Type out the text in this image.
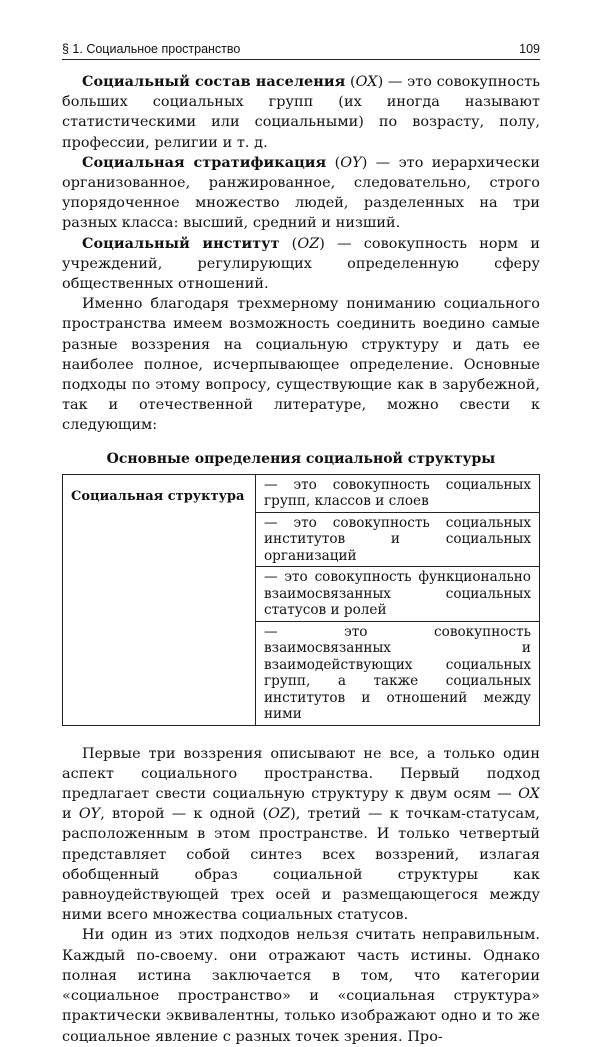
§ 1. Социальное пространство	109

Социальный состав населения (OX) — это совокупность больших социальных групп (их иногда называют статистическими или социальными) по возрасту, полу, профессии, религии и т. д.

Социальная стратификация (OY) — это иерархически организованное, ранжированное, следовательно, строго упорядоченное множество людей, разделенных на три разных класса: высший, средний и низший.

Социальный институт (OZ) — совокупность норм и учреждений, регулирующих определенную сферу общественных отношений.

Именно благодаря трехмерному пониманию социального пространства имеем возможность соединить воедино самые разные воззрения на социальную структуру и дать ее наиболее полное, исчерпывающее определение. Основные подходы по этому вопросу, существующие как в зарубежной, так и отечественной литературе, можно свести к следующим:

Основные определения социальной структуры
Социальная структура	— это совокупность социальных групп, классов и слоев
— это совокупность социальных институтов и социальных организаций
— это совокупность функционально взаимосвязанных социальных статусов и ролей
— это совокупность взаимосвязанных и взаимодействующих социальных групп, а также социальных институтов и отношений между ними

Первые три воззрения описывают не все, а только один аспект социального пространства. Первый подход предлагает свести социальную структуру к двум осям — OX и OY, второй — к одной (OZ), третий — к точкам-статусам, расположенным в этом пространстве. И только четвертый представляет собой синтез всех воззрений, излагая обобщенный образ социальной структуры как равноудействующей трех осей и размещающегося между ними всего множества социальных статусов.

Ни один из этих подходов нельзя считать неправильным. Каждый по-своему. они отражают часть истины. Однако полная истина заключается в том, что категории «социальное пространство» и «социальная структура» практически эквивалентны, только изображают одно и то же социальное явление с разных точек зрения. Про-
